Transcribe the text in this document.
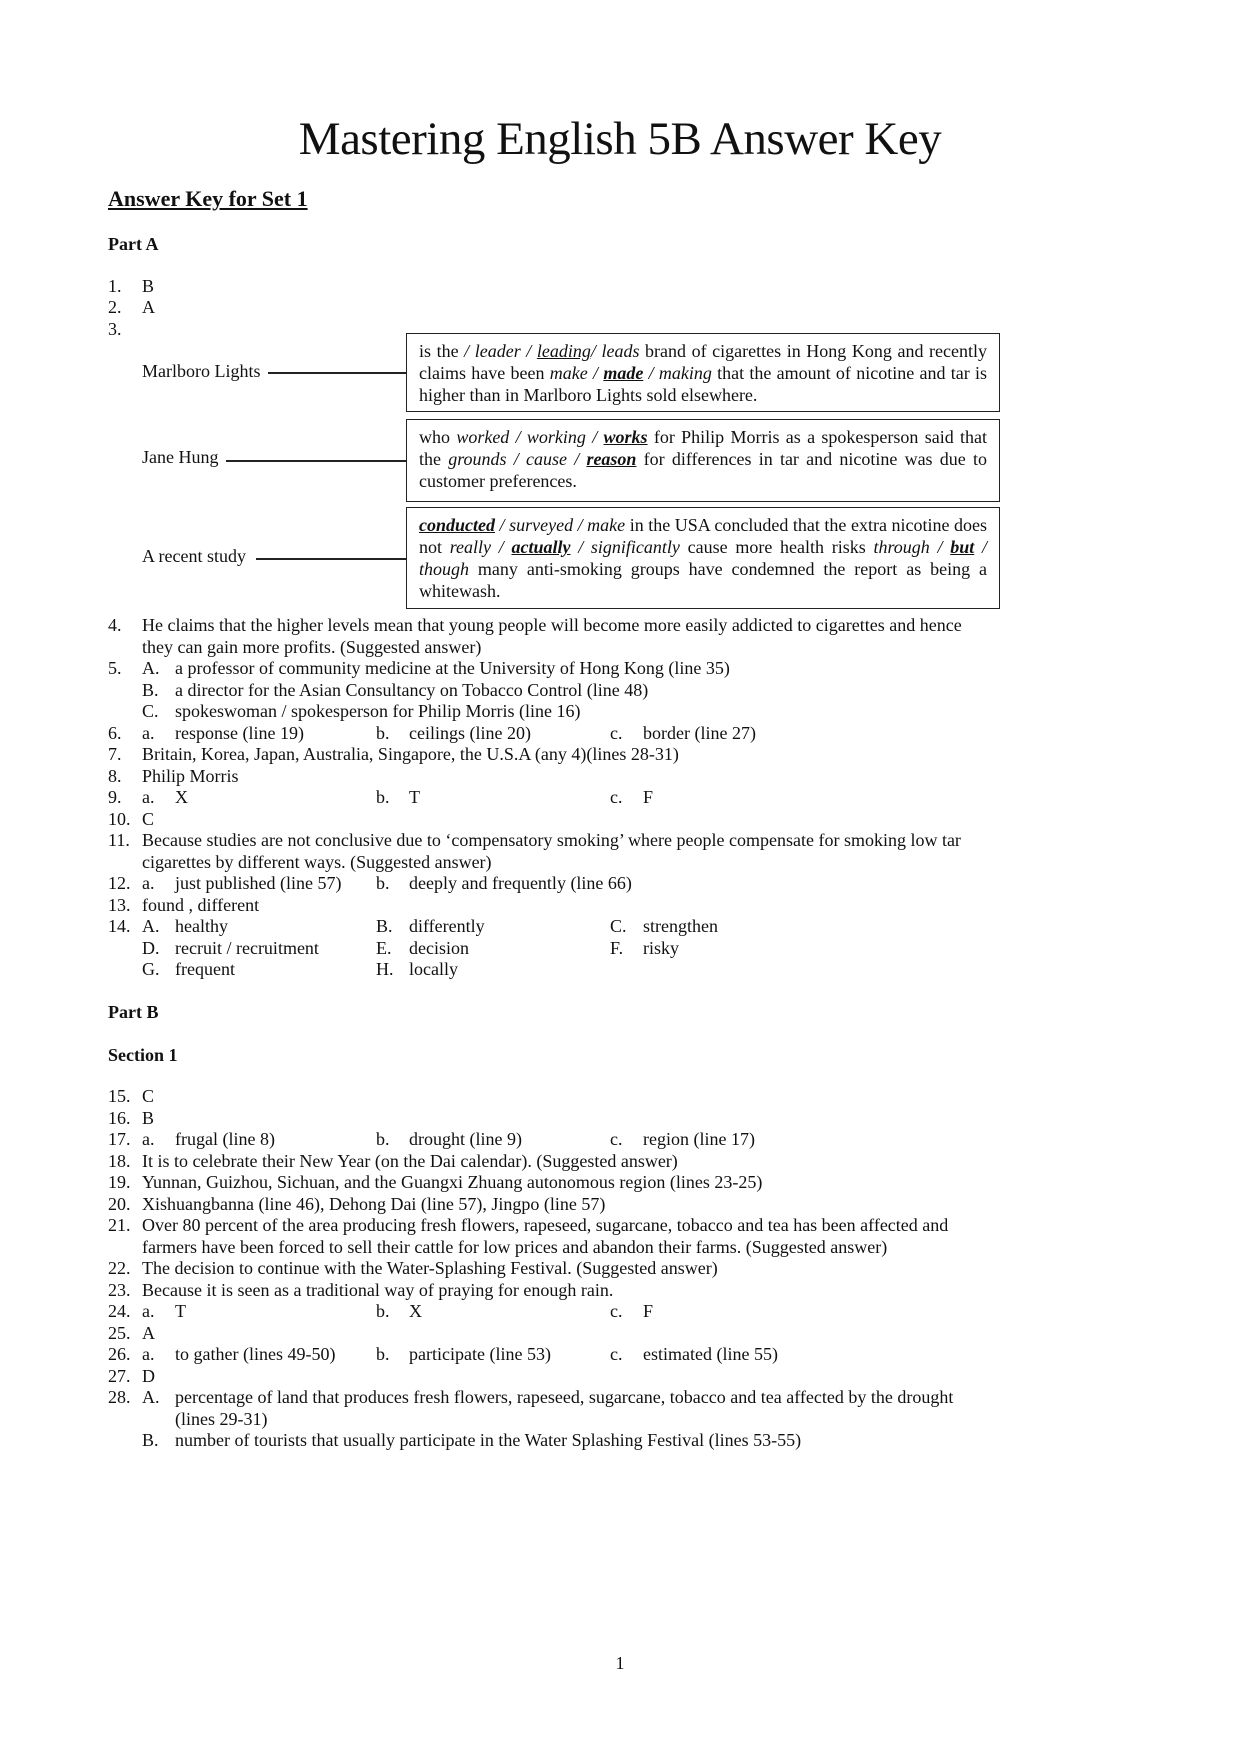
Mastering English 5B Answer Key
Answer Key for Set 1
Part A
1. B
2. A
3.
Marlboro Lights
is the / leader / leading/ leads brand of cigarettes in Hong Kong and recently claims have been make / made / making that the amount of nicotine and tar is higher than in Marlboro Lights sold elsewhere.
Jane Hung
who worked / working / works for Philip Morris as a spokesperson said that the grounds / cause / reason for differences in tar and nicotine was due to customer preferences.
A recent study
conducted / surveyed / make in the USA concluded that the extra nicotine does not really / actually / significantly cause more health risks through / but / though many anti-smoking groups have condemned the report as being a whitewash.
4. He claims that the higher levels mean that young people will become more easily addicted to cigarettes and hence
they can gain more profits. (Suggested answer)
5. A. a professor of community medicine at the University of Hong Kong (line 35)
B. a director for the Asian Consultancy on Tobacco Control (line 48)
C. spokeswoman / spokesperson for Philip Morris (line 16)
6. a. response (line 19)	b. ceilings (line 20)	c. border (line 27)
7. Britain, Korea, Japan, Australia, Singapore, the U.S.A (any 4)(lines 28-31)
8. Philip Morris
9. a. X	b. T	c. F
10. C
11. Because studies are not conclusive due to ‘compensatory smoking’ where people compensate for smoking low tar
cigarettes by different ways. (Suggested answer)
12. a. just published (line 57) b. deeply and frequently (line 66)
13. found , different
14. A. healthy	B. differently	C. strengthen
D. recruit / recruitment	E. decision	F. risky
G. frequent	H. locally
Part B
Section 1
15. C
16. B
17. a. frugal (line 8)	b. drought (line 9)	c. region (line 17)
18. It is to celebrate their New Year (on the Dai calendar). (Suggested answer)
19. Yunnan, Guizhou, Sichuan, and the Guangxi Zhuang autonomous region (lines 23-25)
20. Xishuangbanna (line 46), Dehong Dai (line 57), Jingpo (line 57)
21. Over 80 percent of the area producing fresh flowers, rapeseed, sugarcane, tobacco and tea has been affected and
farmers have been forced to sell their cattle for low prices and abandon their farms. (Suggested answer)
22. The decision to continue with the Water-Splashing Festival. (Suggested answer)
23. Because it is seen as a traditional way of praying for enough rain.
24. a. T	b. X	c. F
25. A
26. a. to gather (lines 49-50) b. participate (line 53)	c. estimated (line 55)
27. D
28. A. percentage of land that produces fresh flowers, rapeseed, sugarcane, tobacco and tea affected by the drought
(lines 29-31)
B. number of tourists that usually participate in the Water Splashing Festival (lines 53-55)
1
